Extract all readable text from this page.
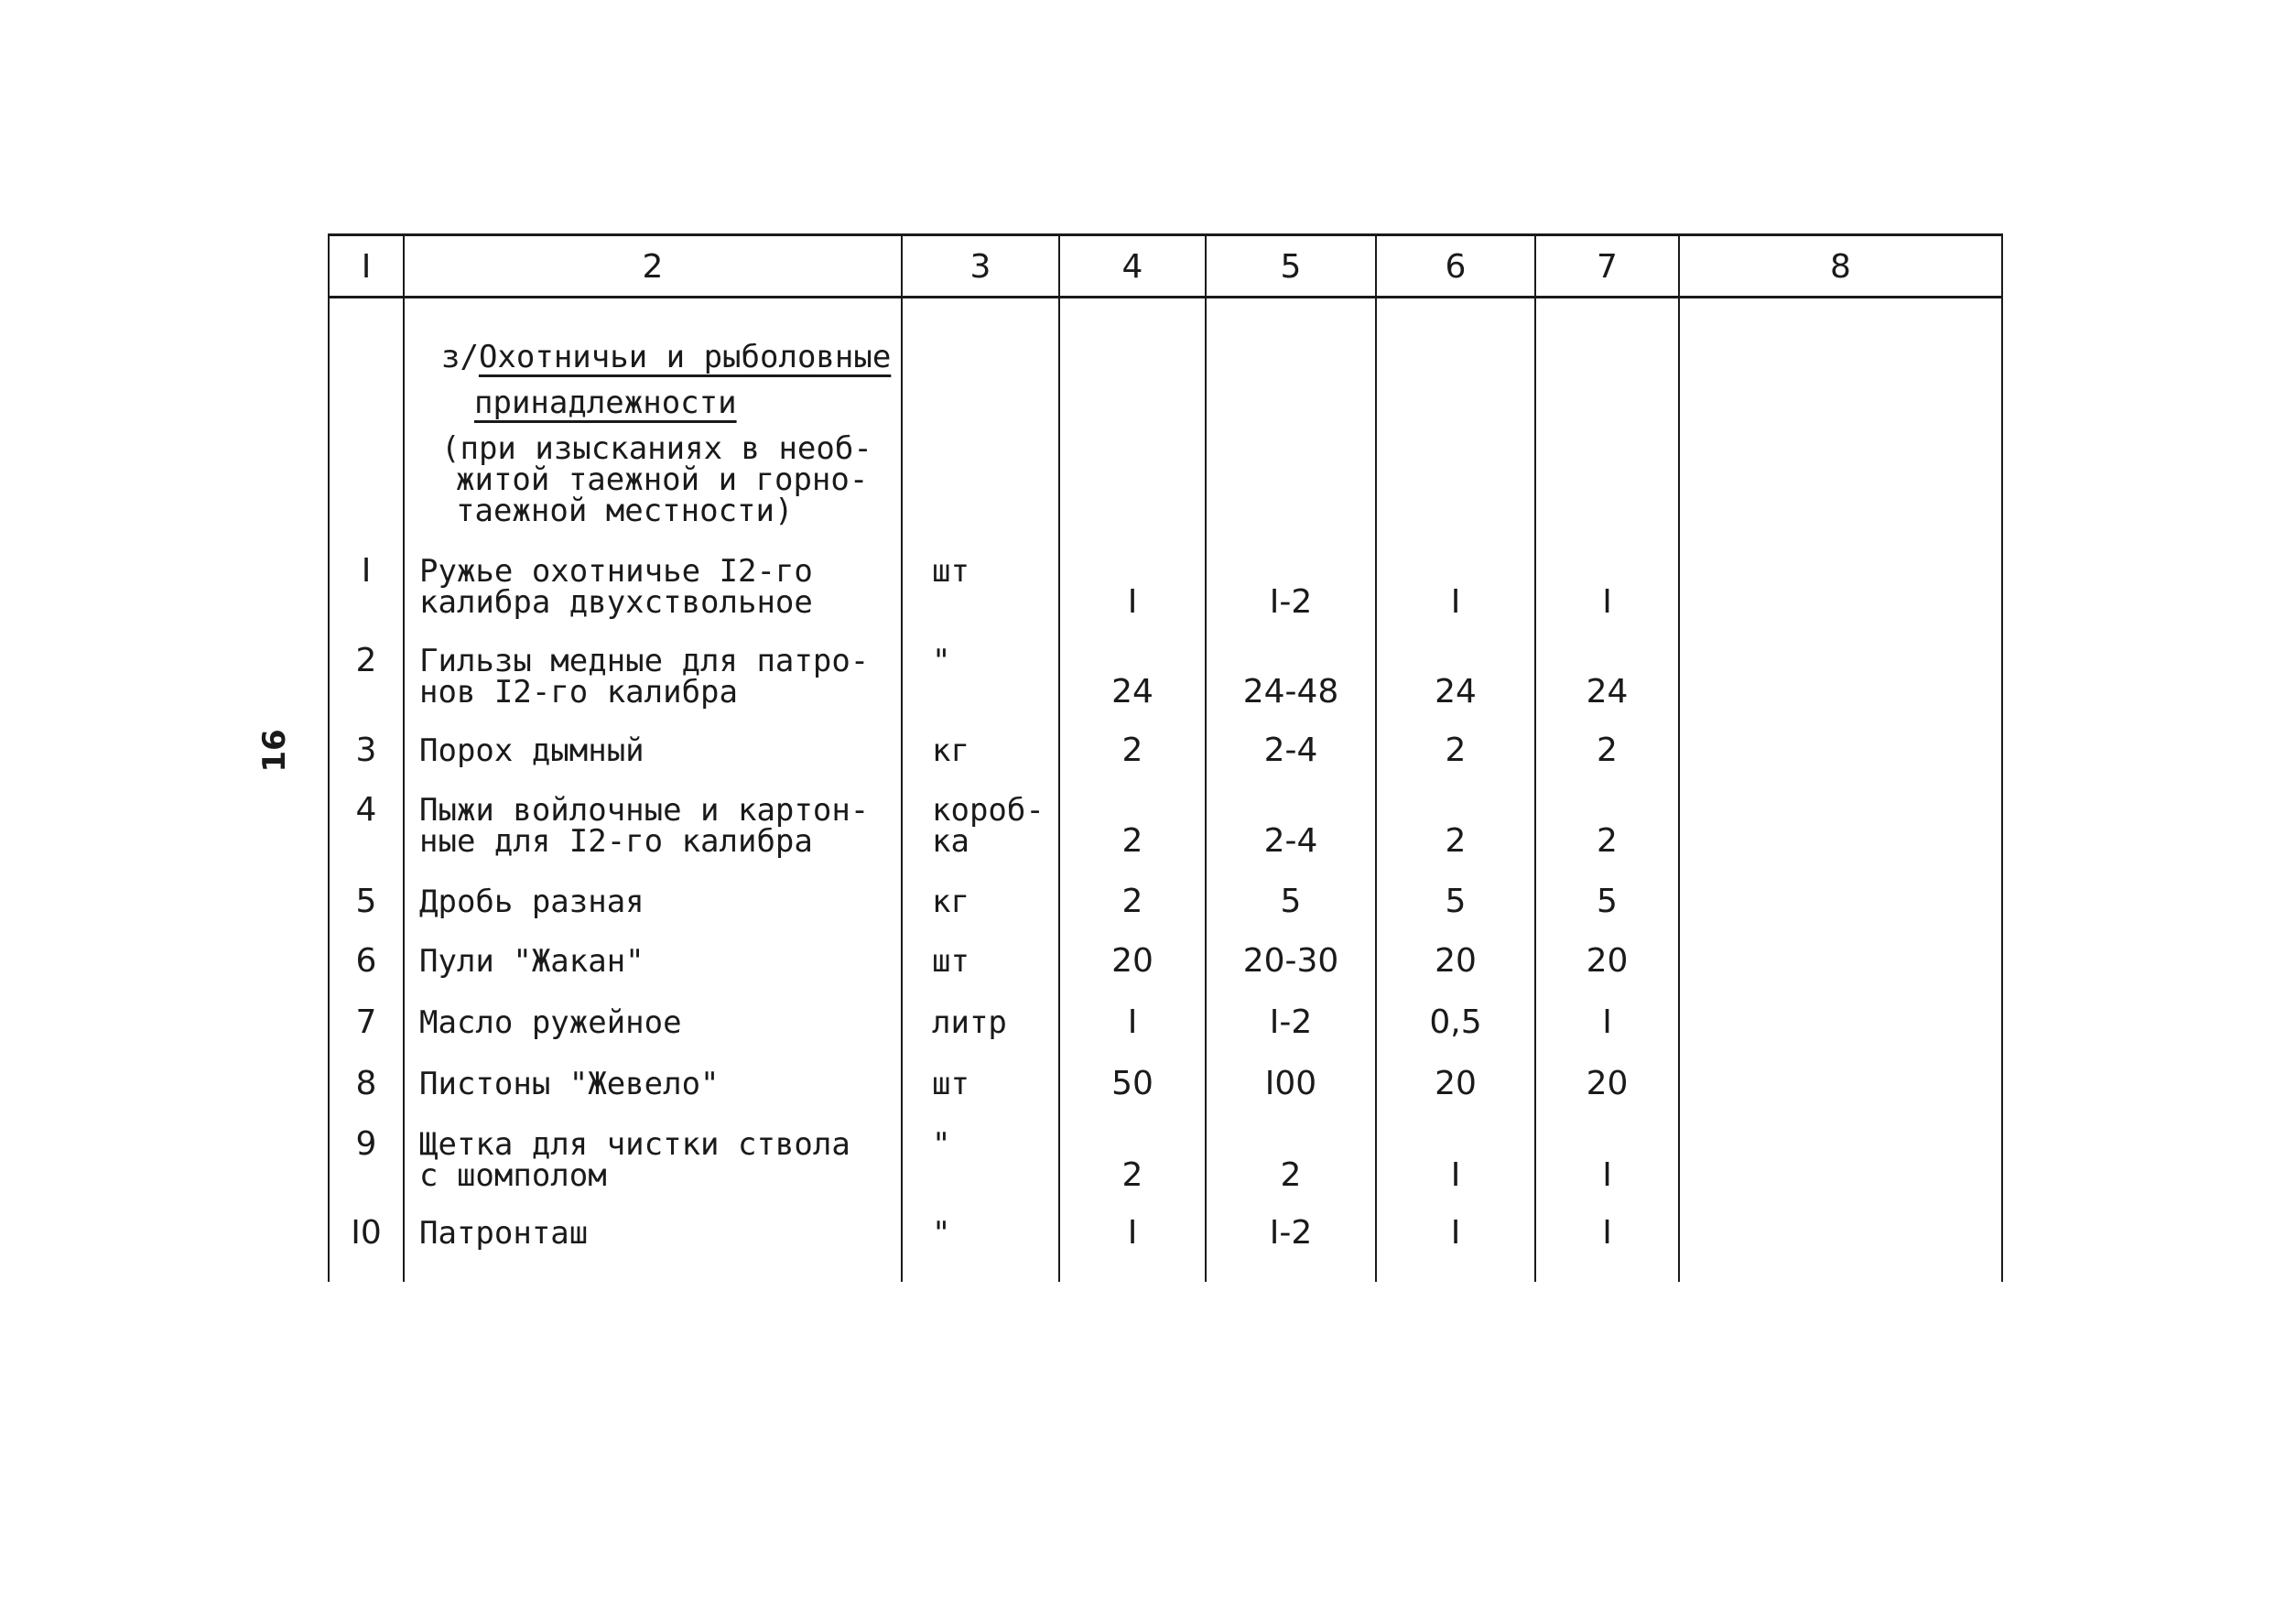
16
I	2	3	4	5	6	7	8
з/Охотничьи и рыболовные
принадлежности
(при изысканиях в необ-
житой таежной и горно-
таежной местности)
I	Ружье охотничье I2-го
калибра двухствольное
шт
I	I-2	I	I
2	Гильзы медные для патро-
нов I2-го калибра
"
24	24-48	24	24
3	Порох дымный	кг	2	2-4	2	2
4	Пыжи войлочные и картон-
ные для I2-го калибра
короб-
ка	2	2-4	2	2
5	Дробь разная	кг	2	5	5	5
6	Пули "Жакан"	шт	20	20-30	20	20
7	Масло ружейное	литр	I	I-2	0,5	I
8	Пистоны "Жевело"	шт	50	I00	20	20
9	Щетка для чистки ствола
с шомполом
"
2	2	I	I
I0	Патронташ	"	I	I-2	I	I
